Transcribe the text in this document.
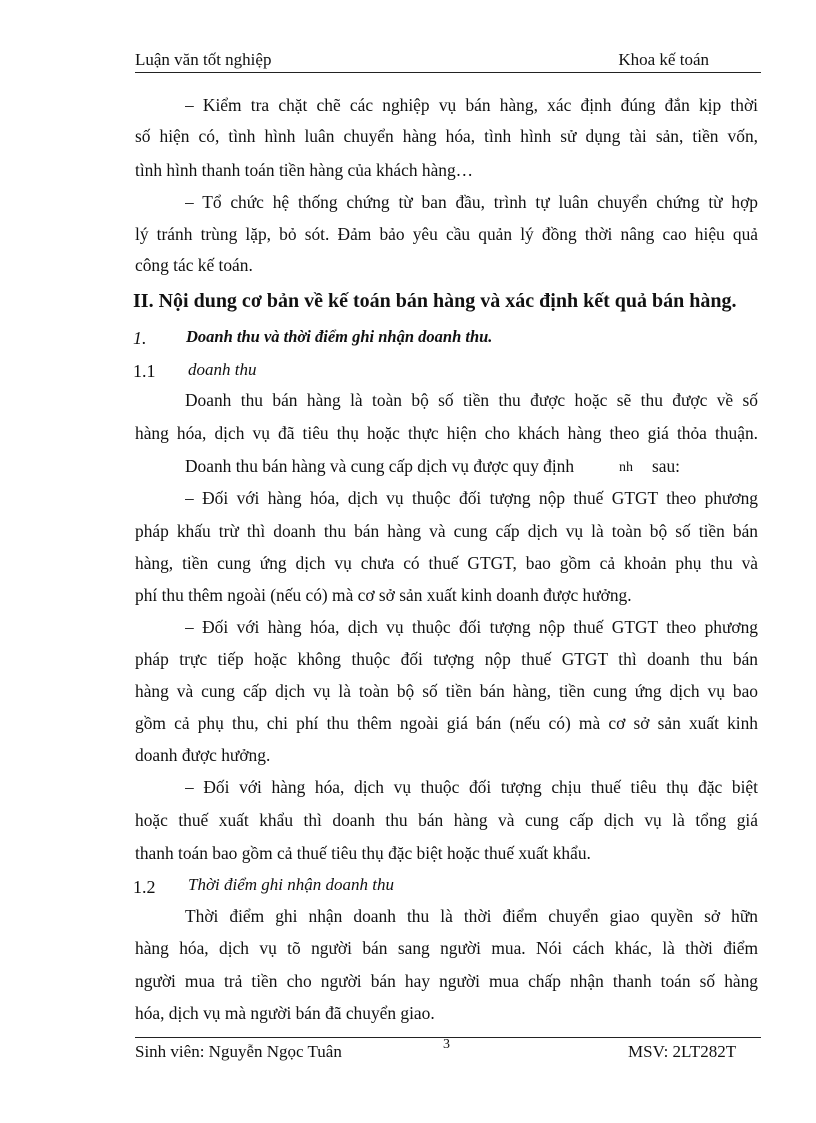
Luận văn tốt nghiệp	Khoa kế toán
– Kiểm tra chặt chẽ các nghiệp vụ bán hàng, xác định đúng đắn kịp thời
số hiện có, tình hình luân chuyển hàng hóa, tình hình sử dụng tài sản, tiền vốn,
tình hình thanh toán tiền hàng của khách hàng…
– Tổ chức hệ thống chứng từ ban đầu, trình tự luân chuyển chứng từ hợp
lý tránh trùng lặp, bỏ sót. Đảm bảo yêu cầu quản lý đồng thời nâng cao hiệu quả
công tác kế toán.
II. Nội dung cơ bản về kế toán bán hàng và xác định kết quả bán hàng.
1. Doanh thu và thời điểm ghi nhận doanh thu.
1.1 doanh thu
Doanh thu bán hàng là toàn bộ số tiền thu được hoặc sẽ thu được về số
hàng hóa, dịch vụ đã tiêu thụ hoặc thực hiện cho khách hàng theo giá thỏa thuận.
Doanh thu bán hàng và cung cấp dịch vụ được quy định	nh sau:
– Đối với hàng hóa, dịch vụ thuộc đối tượng nộp thuế GTGT theo phương
pháp khấu trừ thì doanh thu bán hàng và cung cấp dịch vụ là toàn bộ số tiền bán
hàng, tiền cung ứng dịch vụ chưa có thuế GTGT, bao gồm cả khoản phụ thu và
phí thu thêm ngoài (nếu có) mà cơ sở sản xuất kinh doanh được hưởng.
– Đối với hàng hóa, dịch vụ thuộc đối tượng nộp thuế GTGT theo phương
pháp trực tiếp hoặc không thuộc đối tượng nộp thuế GTGT thì doanh thu bán
hàng và cung cấp dịch vụ là toàn bộ số tiền bán hàng, tiền cung ứng dịch vụ bao
gồm cả phụ thu, chi phí thu thêm ngoài giá bán (nếu có) mà cơ sở sản xuất kinh
doanh được hưởng.
– Đối với hàng hóa, dịch vụ thuộc đối tượng chịu thuế tiêu thụ đặc biệt
hoặc thuế xuất khẩu thì doanh thu bán hàng và cung cấp dịch vụ là tổng giá
thanh toán bao gồm cả thuế tiêu thụ đặc biệt hoặc thuế xuất khẩu.
1.2 Thời điểm ghi nhận doanh thu
Thời điểm ghi nhận doanh thu là thời điểm chuyển giao quyền sở hữn
hàng hóa, dịch vụ tõ người bán sang người mua. Nói cách khác, là thời điểm
người mua trả tiền cho người bán hay người mua chấp nhận thanh toán số hàng
hóa, dịch vụ mà người bán đã chuyển giao.
Sinh viên: Nguyễn Ngọc Tuân	3	MSV: 2LT282T
